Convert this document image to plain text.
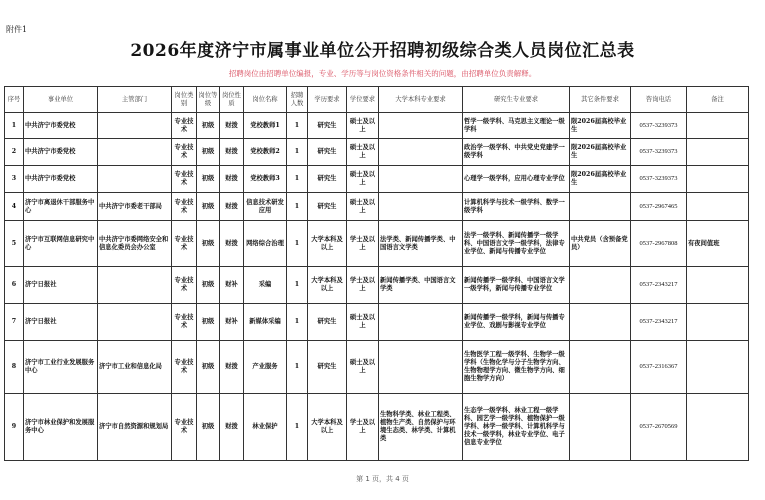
附件1
2026年度济宁市属事业单位公开招聘初级综合类人员岗位汇总表
招聘岗位由招聘单位编报，专业、学历等与岗位资格条件相关的问题，由招聘单位负责解释。
序号	事业单位	主管部门	岗位类别	岗位等级	岗位性质	岗位名称	招聘人数	学历要求	学位要求	大学本科专业要求	研究生专业要求	其它条件要求	咨询电话	备注
1	中共济宁市委党校		专业技术	初级	财拨	党校教师1	1	研究生	硕士及以上		哲学一级学科、马克思主义理论一级学科	限2026届高校毕业生	0537-3239373	
2	中共济宁市委党校		专业技术	初级	财拨	党校教师2	1	研究生	硕士及以上		政治学一级学科、中共党史党建学一级学科	限2026届高校毕业生	0537-3239373	
3	中共济宁市委党校		专业技术	初级	财拨	党校教师3	1	研究生	硕士及以上		心理学一级学科，应用心理专业学位	限2026届高校毕业生	0537-3239373	
4	济宁市离退休干部服务中心	中共济宁市委老干部局	专业技术	初级	财拨	信息技术研发应用	1	研究生	硕士及以上		计算机科学与技术一级学科、数学一级学科		0537-2967465	
5	济宁市互联网信息研究中心	中共济宁市委网络安全和信息化委员会办公室	专业技术	初级	财拨	网络综合治理	1	大学本科及以上	学士及以上	法学类、新闻传播学类、中国语言文学类	法学一级学科、新闻传播学一级学科、中国语言文学一级学科，法律专业学位、新闻与传播专业学位	中共党员（含预备党员）	0537-2967808	有夜间值班
6	济宁日报社		专业技术	初级	财补	采编	1	大学本科及以上	学士及以上	新闻传播学类、中国语言文学类	新闻传播学一级学科、中国语言文学一级学科，新闻与传播专业学位		0537-2343217	
7	济宁日报社		专业技术	初级	财补	新媒体采编	1	研究生	硕士及以上		新闻传播学一级学科，新闻与传播专业学位、戏剧与影视专业学位		0537-2343217	
8	济宁市工业行业发展服务中心	济宁市工业和信息化局	专业技术	初级	财拨	产业服务	1	研究生	硕士及以上		生物医学工程一级学科、生物学一级学科（生物化学与分子生物学方向、生物物理学方向、微生物学方向、细胞生物学方向）		0537-2316367	
9	济宁市林业保护和发展服务中心	济宁市自然资源和规划局	专业技术	初级	财拨	林业保护	1	大学本科及以上	学士及以上	生物科学类、林业工程类、植物生产类、自然保护与环境生态类、林学类、计算机类	生态学一级学科、林业工程一级学科、园艺学一级学科、植物保护一级学科、林学一级学科、计算机科学与技术一级学科，林业专业学位、电子信息专业学位		0537-2670569	
第 1 页，共 4 页
